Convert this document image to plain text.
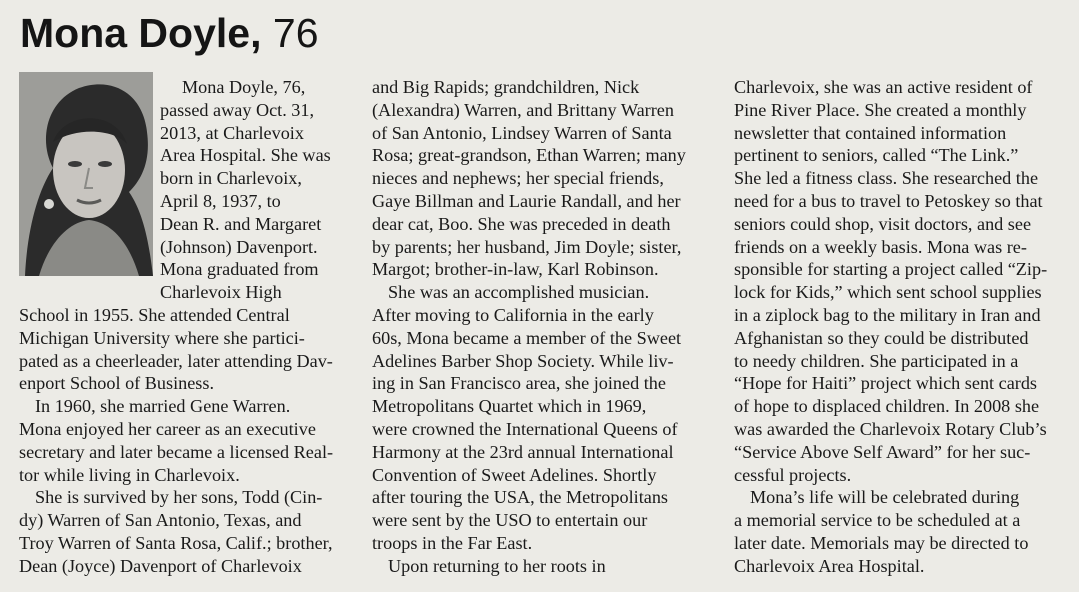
Mona Doyle, 76
Mona Doyle, 76,
passed away Oct. 31,
2013, at Charlevoix
Area Hospital. She was
born in Charlevoix,
April 8, 1937, to
Dean R. and Margaret
(Johnson) Davenport.
Mona graduated from
Charlevoix High
School in 1955. She attended Central
Michigan University where she partici-
pated as a cheerleader, later attending Dav-
enport School of Business.
In 1960, she married Gene Warren.
Mona enjoyed her career as an executive
secretary and later became a licensed Real-
tor while living in Charlevoix.
She is survived by her sons, Todd (Cin-
dy) Warren of San Antonio, Texas, and
Troy Warren of Santa Rosa, Calif.; brother,
Dean (Joyce) Davenport of Charlevoix
and Big Rapids; grandchildren, Nick
(Alexandra) Warren, and Brittany Warren
of San Antonio, Lindsey Warren of Santa
Rosa; great-grandson, Ethan Warren; many
nieces and nephews; her special friends,
Gaye Billman and Laurie Randall, and her
dear cat, Boo. She was preceded in death
by parents; her husband, Jim Doyle; sister,
Margot; brother-in-law, Karl Robinson.
She was an accomplished musician.
After moving to California in the early
60s, Mona became a member of the Sweet
Adelines Barber Shop Society. While liv-
ing in San Francisco area, she joined the
Metropolitans Quartet which in 1969,
were crowned the International Queens of
Harmony at the 23rd annual International
Convention of Sweet Adelines. Shortly
after touring the USA, the Metropolitans
were sent by the USO to entertain our
troops in the Far East.
Upon returning to her roots in
Charlevoix, she was an active resident of
Pine River Place. She created a monthly
newsletter that contained information
pertinent to seniors, called “The Link.”
She led a fitness class. She researched the
need for a bus to travel to Petoskey so that
seniors could shop, visit doctors, and see
friends on a weekly basis. Mona was re-
sponsible for starting a project called “Zip-
lock for Kids,” which sent school supplies
in a ziplock bag to the military in Iran and
Afghanistan so they could be distributed
to needy children. She participated in a
“Hope for Haiti” project which sent cards
of hope to displaced children. In 2008 she
was awarded the Charlevoix Rotary Club’s
“Service Above Self Award” for her suc-
cessful projects.
Mona’s life will be celebrated during
a memorial service to be scheduled at a
later date. Memorials may be directed to
Charlevoix Area Hospital.
